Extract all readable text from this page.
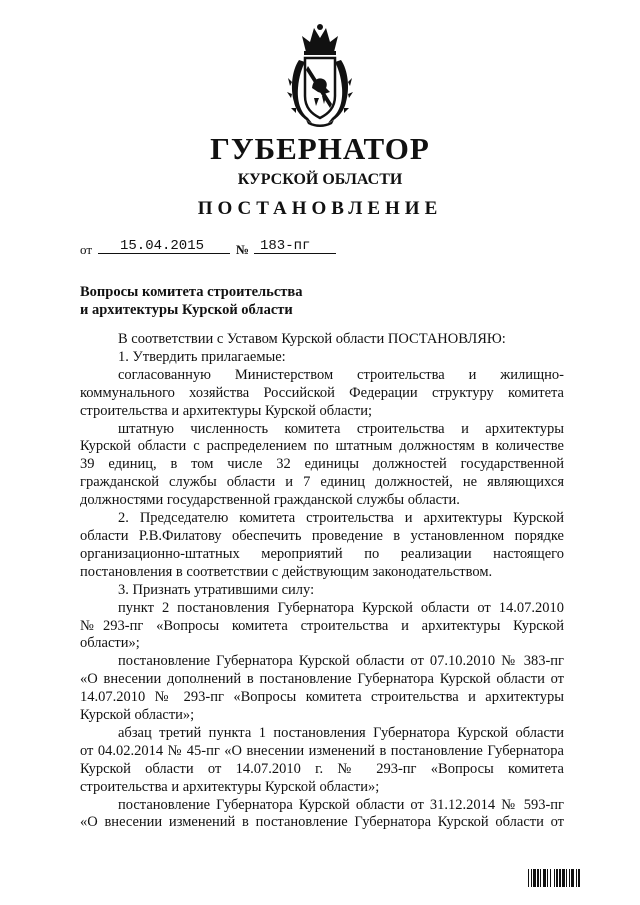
ГУБЕРНАТОР
КУРСКОЙ ОБЛАСТИ
ПОСТАНОВЛЕНИЕ
от	15.04.2015	№ 183-пг
Вопросы комитета строительства
и архитектуры Курской области

В соответствии с Уставом Курской области ПОСТАНОВЛЯЮ:

1. Утвердить прилагаемые:

согласованную Министерством строительства и жилищно-

коммунального хозяйства Российской Федерации структуру комитета

строительства и архитектуры Курской области;

штатную численность комитета строительства и архитектуры

Курской области с распределением по штатным должностям в количестве

39 единиц, в том числе 32 единицы должностей государственной

гражданской службы области и 7 единиц должностей, не являющихся

должностями государственной гражданской службы области.

2. Председателю комитета строительства и архитектуры Курской

области Р.В.Филатову обеспечить проведение в установленном порядке

организационно-штатных мероприятий по реализации настоящего

постановления в соответствии с действующим законодательством.

3. Признать утратившими силу:

пункт 2 постановления Губернатора Курской области от 14.07.2010

№293-пг «Вопросы комитета строительства и архитектуры Курской

области»;

постановление Губернатора Курской области от 07.10.2010 № 383-пг

«О внесении дополнений в постановление Губернатора Курской области от

14.07.2010 № 293-пг «Вопросы комитета строительства и архитектуры

Курской области»;

абзац третий пункта 1 постановления Губернатора Курской области

от 04.02.2014 № 45-пг «О внесении изменений в постановление Губернатора

Курской области от 14.07.2010 г. № 293-пг «Вопросы комитета

строительства и архитектуры Курской области»;

постановление Губернатора Курской области от 31.12.2014 № 593-пг

«О внесении изменений в постановление Губернатора Курской области от
